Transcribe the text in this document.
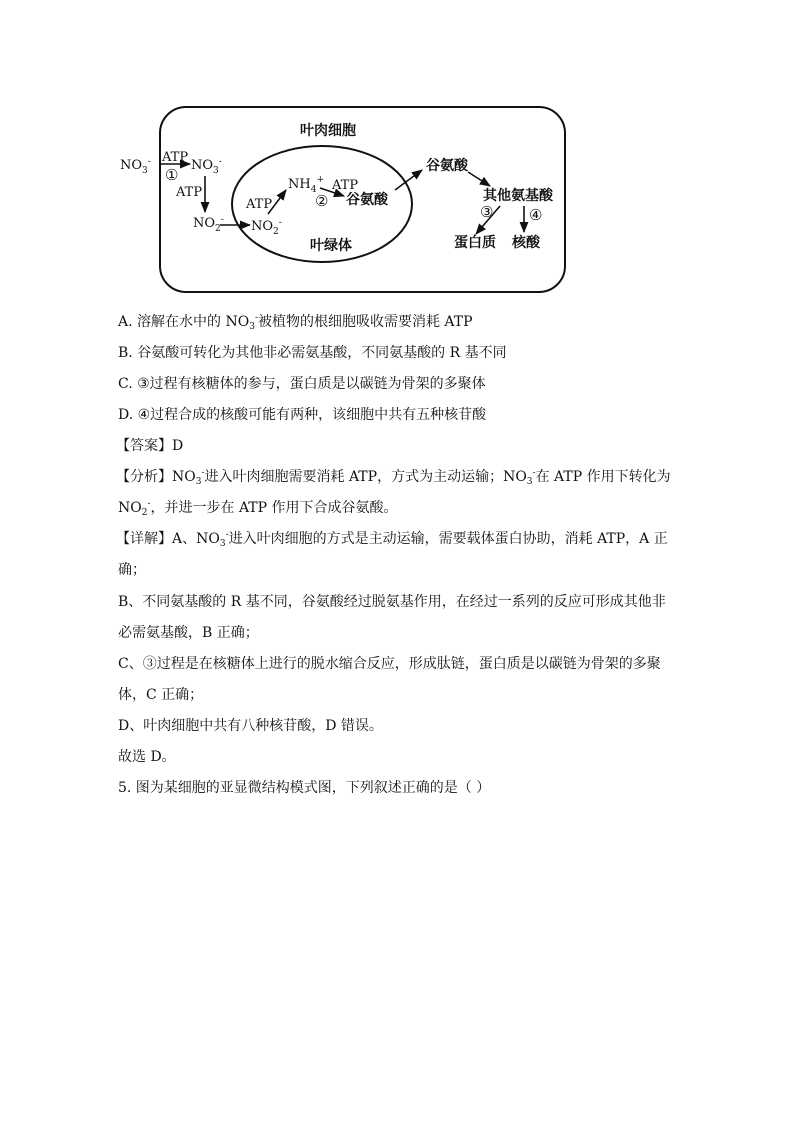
叶肉细胞
叶绿体
$NO_3^-$ ATP
①
$NO_3^-$
ATP
$NO_2^-$ $NO_2^-$
ATP
$NH_4^+$ ATP
② 谷氨酸
谷氨酸
其他氨基酸
③ ④
蛋白质 核酸
A. 溶解在水中的 $NO_3^-$被植物的根细胞吸收需要消耗 ATP
B. 谷氨酸可转化为其他非必需氨基酸，不同氨基酸的 R 基不同
C. ③过程有核糖体的参与，蛋白质是以碳链为骨架的多聚体
D. ④过程合成的核酸可能有两种，该细胞中共有五种核苷酸
【答案】D
【分析】$NO_3^-$进入叶肉细胞需要消耗 ATP，方式为主动运输；$NO_3^-$在 ATP 作用下转化为
$NO_2^-$，并进一步在 ATP 作用下合成谷氨酸。
【详解】A、$NO_3^-$进入叶肉细胞的方式是主动运输，需要载体蛋白协助，消耗 ATP，A 正
确；
B、不同氨基酸的 R 基不同，谷氨酸经过脱氨基作用，在经过一系列的反应可形成其他非
必需氨基酸，B 正确；
C、③过程是在核糖体上进行的脱水缩合反应，形成肽链，蛋白质是以碳链为骨架的多聚
体，C 正确；
D、叶肉细胞中共有八种核苷酸，D 错误。
故选 D。
5. 图为某细胞的亚显微结构模式图，下列叙述正确的是（ ）
